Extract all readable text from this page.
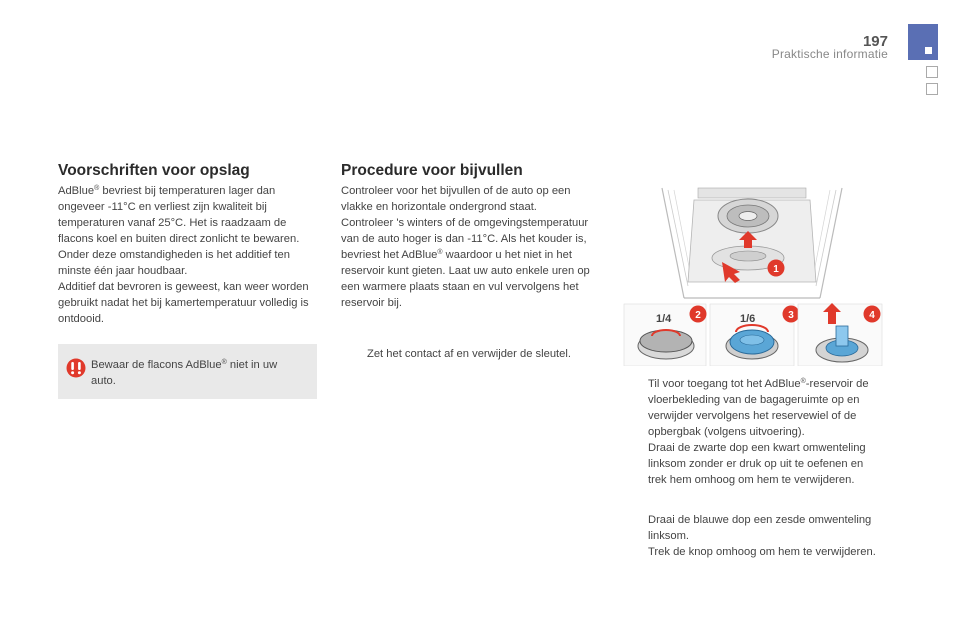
197
Praktische informatie
Voorschriften voor opslag

AdBlue® bevriest bij temperaturen lager dan ongeveer -11°C en verliest zijn kwaliteit bij temperaturen vanaf 25°C. Het is raadzaam de flacons koel en buiten direct zonlicht te bewaren.

Onder deze omstandigheden is het additief ten minste één jaar houdbaar.

Additief dat bevroren is geweest, kan weer worden gebruikt nadat het bij kamertemperatuur volledig is ontdooid.

Bewaar de flacons AdBlue® niet in uw auto.
Procedure voor bijvullen

Controleer voor het bijvullen of de auto op een vlakke en horizontale ondergrond staat.

Controleer 's winters of de omgevingstemperatuur van de auto hoger is dan -11°C. Als het kouder is, bevriest het AdBlue® waardoor u het niet in het reservoir kunt gieten. Laat uw auto enkele uren op een warmere plaats staan en vul vervolgens het reservoir bij.

Zet het contact af en verwijder de sleutel.
1
1/4 2	1/6	3	4
Til voor toegang tot het AdBlue®-reservoir de vloerbekleding van de bagageruimte op en verwijder vervolgens het reservewiel of de opbergbak (volgens uitvoering).
Draai de zwarte dop een kwart omwenteling linksom zonder er druk op uit te oefenen en trek hem omhoog om hem te verwijderen.
Draai de blauwe dop een zesde omwenteling linksom.
Trek de knop omhoog om hem te verwijderen.
